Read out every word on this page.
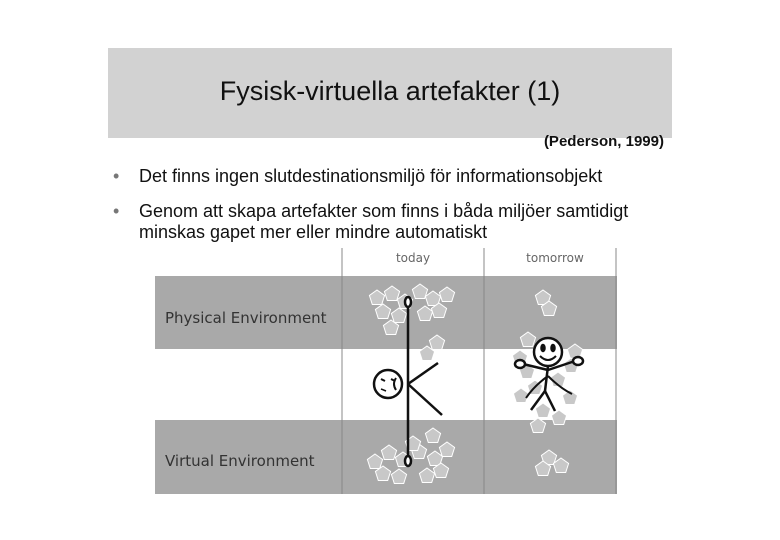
Fysisk-virtuella artefakter (1)
(Pederson, 1999)
• Det finns ingen slutdestinationsmiljö för informationsobjekt
• Genom att skapa artefakter som finns i båda miljöer samtidigt minskas gapet mer eller mindre automatiskt
today	tomorrow
Physical Environment
Virtual Environment
